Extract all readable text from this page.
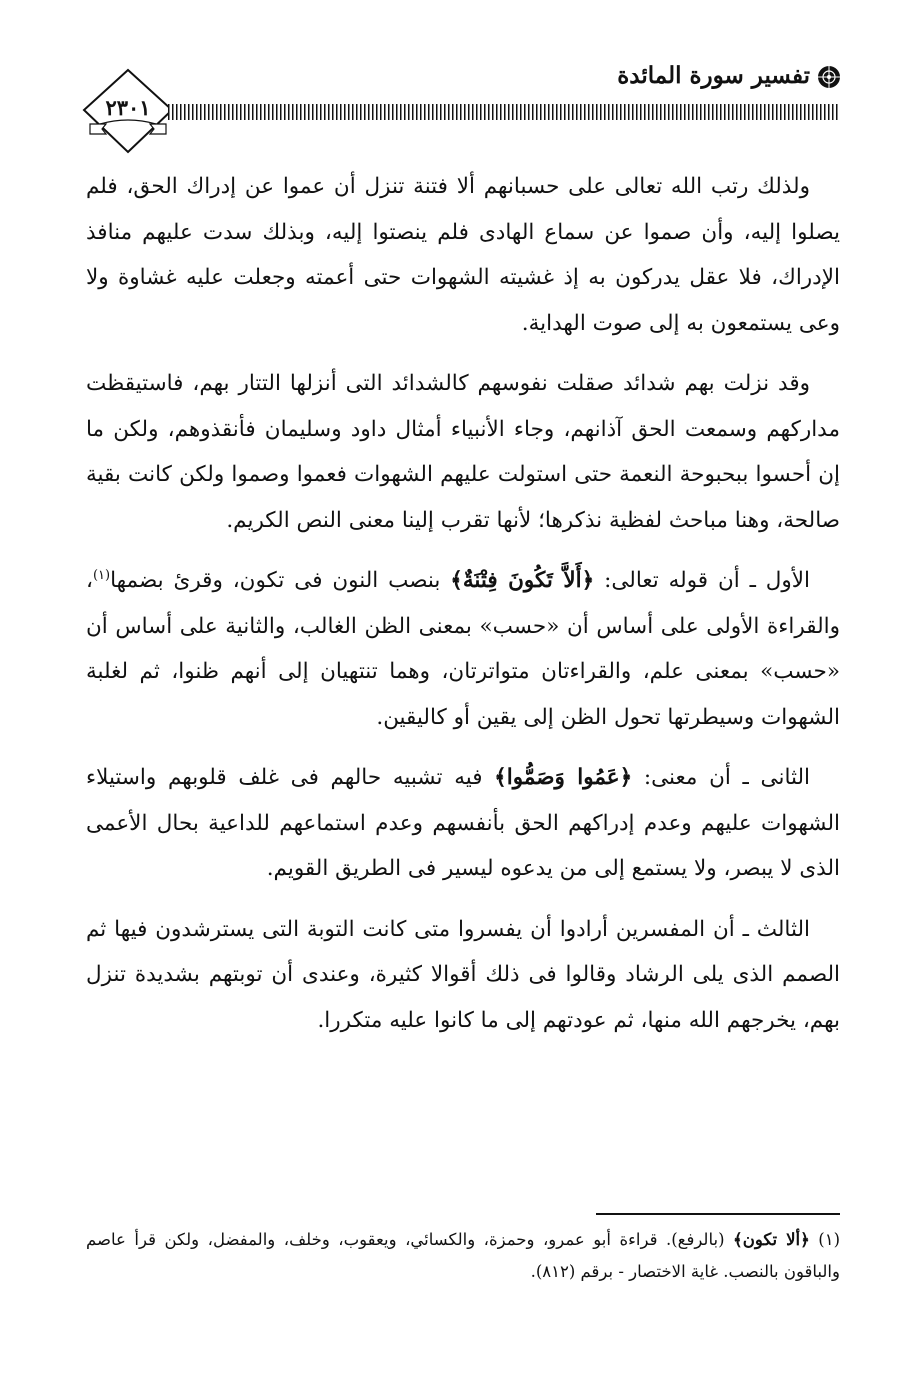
٢٣٠١
تفسير سورة المائدة

ولذلك رتب الله تعالى على حسبانهم ألا فتنة تنزل أن عموا عن إدراك الحق، فلم يصلوا إليه، وأن صموا عن سماع الهادى فلم ينصتوا إليه، وبذلك سدت عليهم منافذ الإدراك، فلا عقل يدركون به إذ غشيته الشهوات حتى أعمته وجعلت عليه غشاوة ولا وعى يستمعون به إلى صوت الهداية.

وقد نزلت بهم شدائد صقلت نفوسهم كالشدائد التى أنزلها التتار بهم، فاستيقظت مداركهم وسمعت الحق آذانهم، وجاء الأنبياء أمثال داود وسليمان فأنقذوهم، ولكن ما إن أحسوا ببحبوحة النعمة حتى استولت عليهم الشهوات فعموا وصموا ولكن كانت بقية صالحة، وهنا مباحث لفظية نذكرها؛ لأنها تقرب إلينا معنى النص الكريم.

الأول ـ أن قوله تعالى: ﴿أَلاَّ تَكُونَ فِتْنَةٌ﴾ بنصب النون فى تكون، وقرئ بضمها$^{(١)}$، والقراءة الأولى على أساس أن «حسب» بمعنى الظن الغالب، والثانية على أساس أن «حسب» بمعنى علم، والقراءتان متواترتان، وهما تنتهيان إلى أنهم ظنوا، ثم لغلبة الشهوات وسيطرتها تحول الظن إلى يقين أو كاليقين.

الثانى ـ أن معنى: ﴿عَمُوا وَصَمُّوا﴾ فيه تشبيه حالهم فى غلف قلوبهم واستيلاء الشهوات عليهم وعدم إدراكهم الحق بأنفسهم وعدم استماعهم للداعية بحال الأعمى الذى لا يبصر، ولا يستمع إلى من يدعوه ليسير فى الطريق القويم.

الثالث ـ أن المفسرين أرادوا أن يفسروا متى كانت التوبة التى يسترشدون فيها ثم الصمم الذى يلى الرشاد وقالوا فى ذلك أقوالا كثيرة، وعندى أن توبتهم بشديدة تنزل بهم، يخرجهم الله منها، ثم عودتهم إلى ما كانوا عليه متكررا.

(١) ﴿ألا تكون﴾ (بالرفع). قراءة أبو عمرو، وحمزة، والكسائي، ويعقوب، وخلف، والمفضل، ولكن قرأ عاصم والباقون بالنصب. غاية الاختصار - برقم (٨١٢).
